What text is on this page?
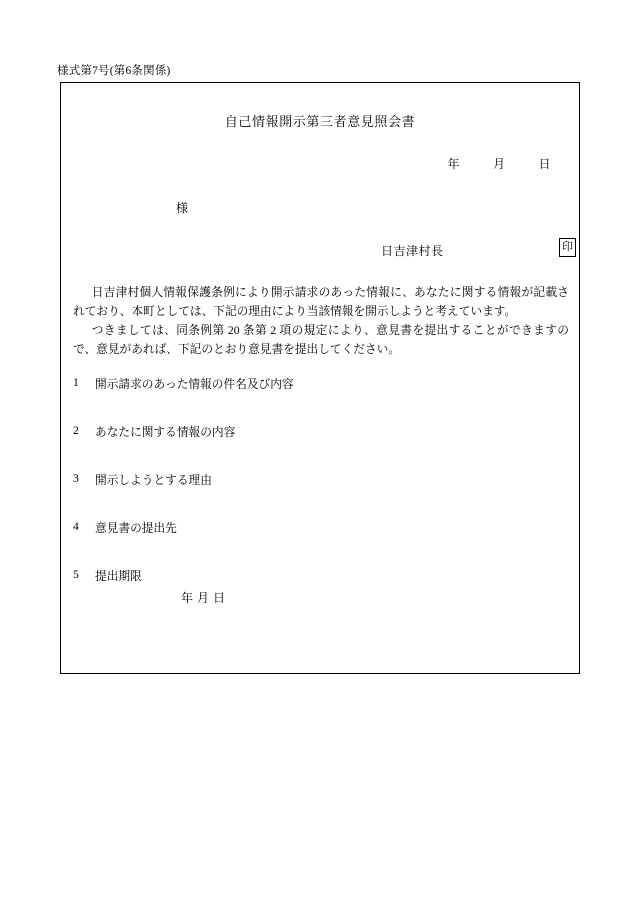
様式第7号(第6条関係)
自己情報開示第三者意見照会書
年	月	日
様
日吉津村長	印

日吉津村個人情報保護条例により開示請求のあった情報に、あなたに関する情報が記載されており、本町としては、下記の理由により当該情報を開示しようと考えています。

つきましては、同条例第 20 条第 2 項の規定により、意見書を提出することができますので、意見があれば、下記のとおり意見書を提出してください。

1	開示請求のあった情報の件名及び内容
2	あなたに関する情報の内容
3	開示しようとする理由
4	意見書の提出先
5	提出期限
年 月 日
